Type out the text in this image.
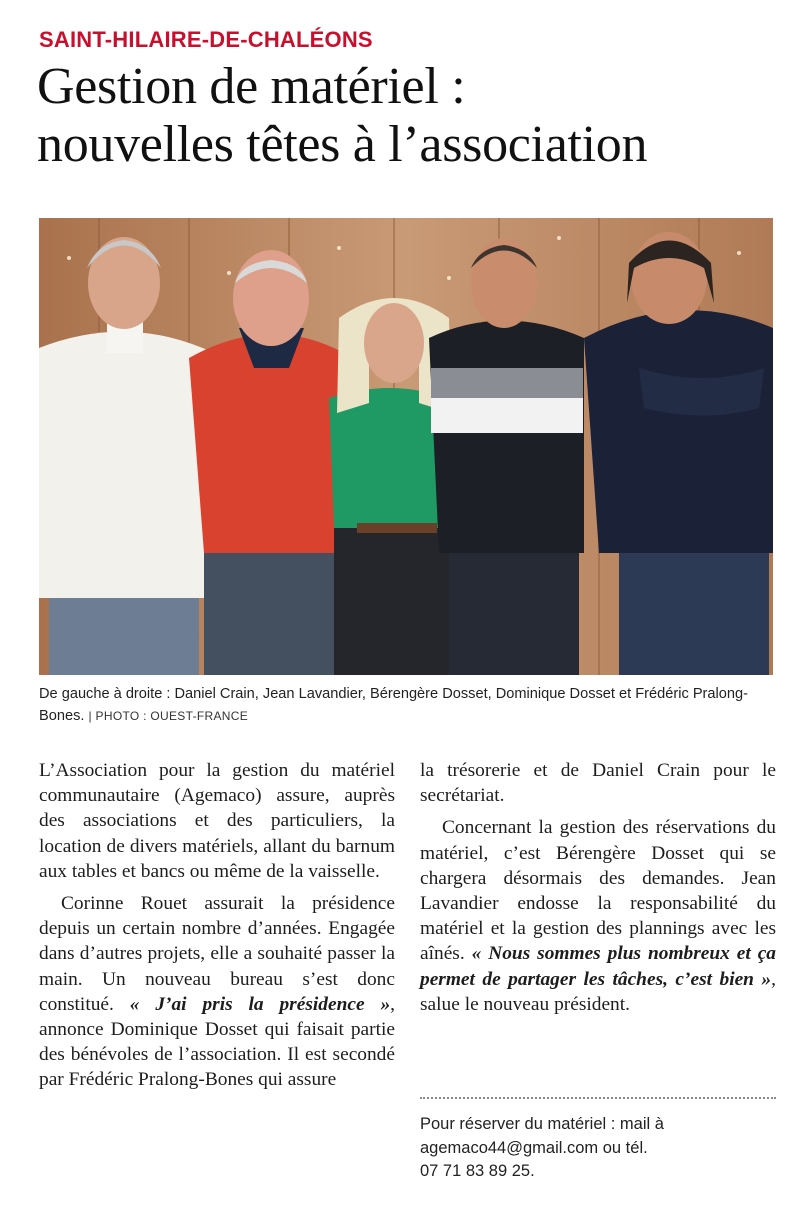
SAINT-HILAIRE-DE-CHALÉONS
Gestion de matériel :
nouvelles têtes à l’association
De gauche à droite : Daniel Crain, Jean Lavandier, Bérengère Dosset, Dominique Dosset et Frédéric Pralong-Bones. | PHOTO : OUEST-FRANCE

L’Association pour la gestion du matériel communautaire (Agemaco) assure, auprès des associations et des particuliers, la location de divers matériels, allant du barnum aux tables et bancs ou même de la vaisselle.

Corinne Rouet assurait la présidence depuis un certain nombre d’années. Engagée dans d’autres projets, elle a souhaité passer la main. Un nouveau bureau s’est donc constitué. « J’ai pris la présidence », annonce Dominique Dosset qui faisait partie des bénévoles de l’association. Il est secondé par Frédéric Pralong-Bones qui assure

la trésorerie et de Daniel Crain pour le secrétariat.

Concernant la gestion des réservations du matériel, c’est Bérengère Dosset qui se chargera désormais des demandes. Jean Lavandier endosse la responsabilité du matériel et la gestion des plannings avec les aînés. « Nous sommes plus nombreux et ça permet de partager les tâches, c’est bien », salue le nouveau président.

Pour réserver du matériel : mail à
agemaco44@gmail.com ou tél.
07 71 83 89 25.
